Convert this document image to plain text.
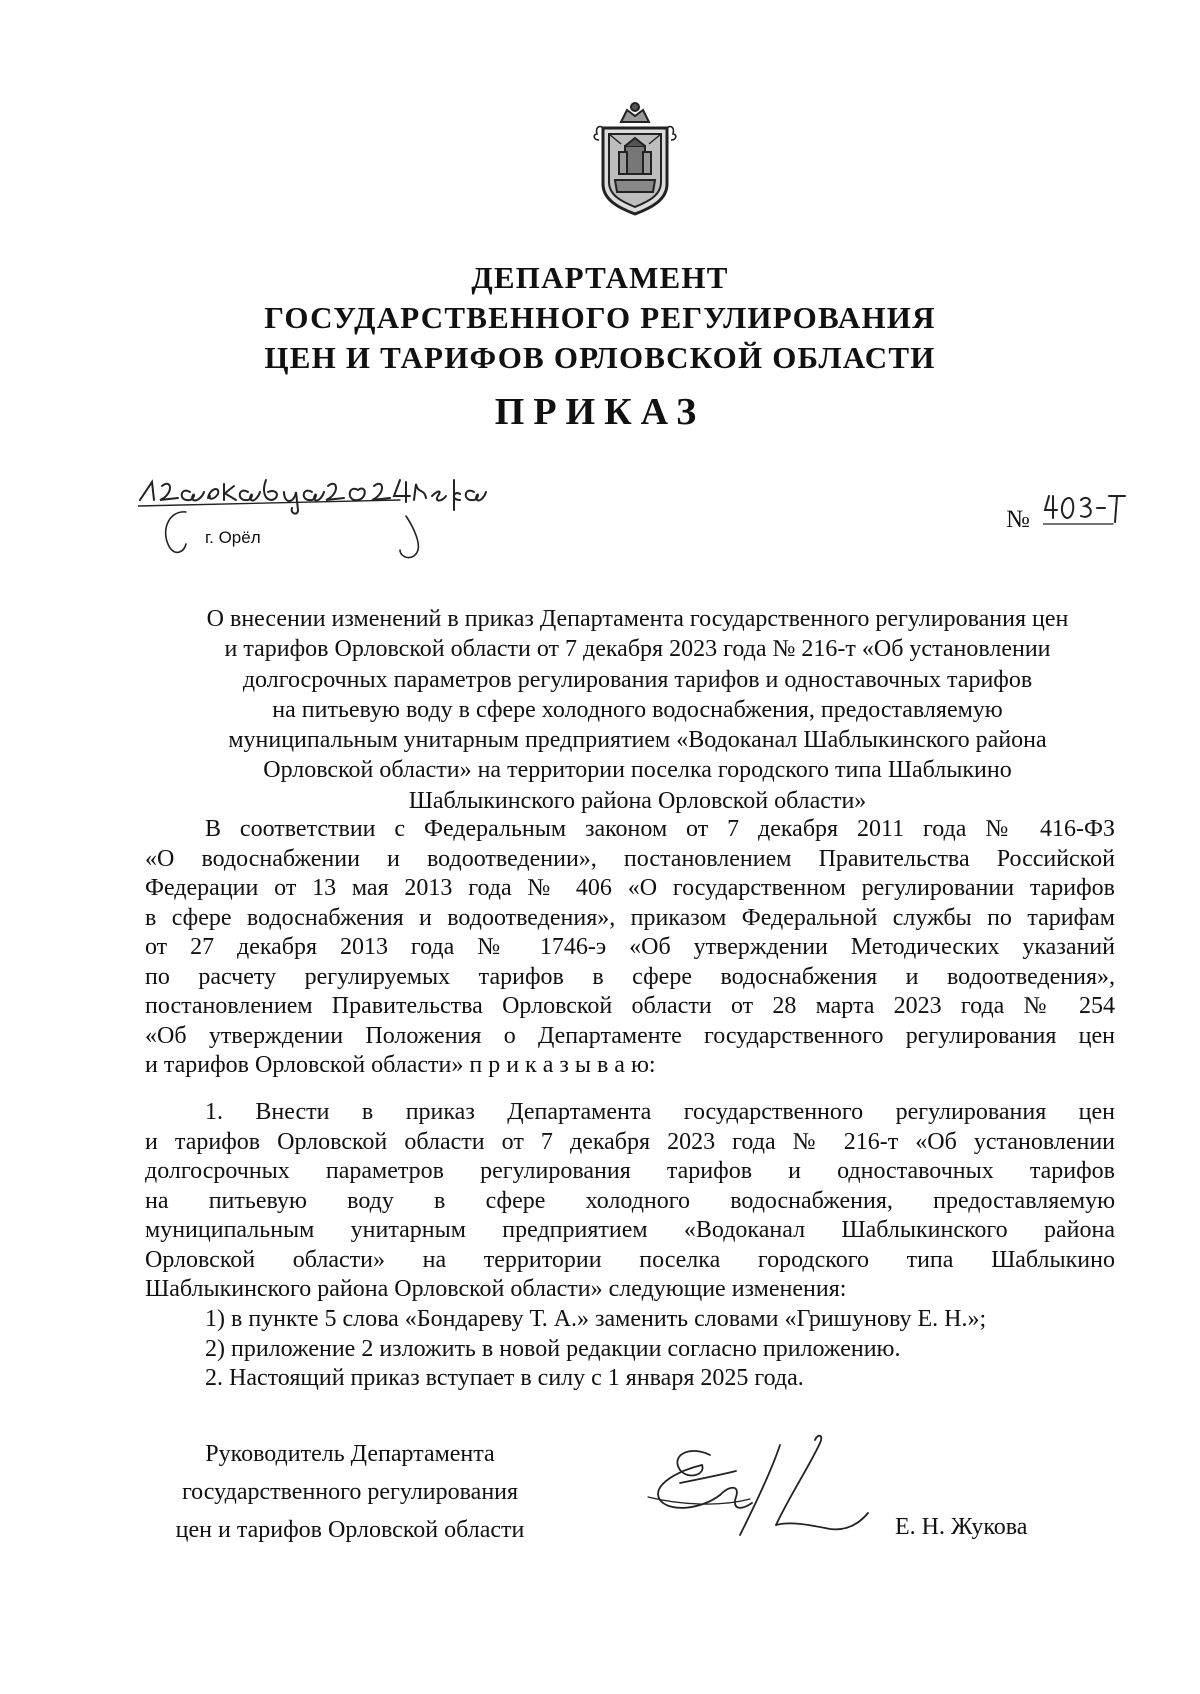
ДЕПАРТАМЕНТ
ГОСУДАРСТВЕННОГО РЕГУЛИРОВАНИЯ
ЦЕН И ТАРИФОВ ОРЛОВСКОЙ ОБЛАСТИ
ПРИКАЗ
г. Орёл
№
О внесении изменений в приказ Департамента государственного регулирования цен
и тарифов Орловской области от 7 декабря 2023 года № 216-т «Об установлении
долгосрочных параметров регулирования тарифов и одноставочных тарифов
на питьевую воду в сфере холодного водоснабжения, предоставляемую
муниципальным унитарным предприятием «Водоканал Шаблыкинского района
Орловской области» на территории поселка городского типа Шаблыкино
Шаблыкинского района Орловской области»
В соответствии с Федеральным законом от 7 декабря 2011 года № 416-ФЗ
«О водоснабжении и водоотведении», постановлением Правительства Российской
Федерации от 13 мая 2013 года № 406 «О государственном регулировании тарифов
в сфере водоснабжения и водоотведения», приказом Федеральной службы по тарифам
от 27 декабря 2013 года № 1746-э «Об утверждении Методических указаний
по расчету регулируемых тарифов в сфере водоснабжения и водоотведения»,
постановлением Правительства Орловской области от 28 марта 2023 года № 254
«Об утверждении Положения о Департаменте государственного регулирования цен
и тарифов Орловской области» п р и к а з ы в а ю:
1. Внести в приказ Департамента государственного регулирования цен
и тарифов Орловской области от 7 декабря 2023 года № 216-т «Об установлении
долгосрочных параметров регулирования тарифов и одноставочных тарифов
на питьевую воду в сфере холодного водоснабжения, предоставляемую
муниципальным унитарным предприятием «Водоканал Шаблыкинского района
Орловской области» на территории поселка городского типа Шаблыкино
Шаблыкинского района Орловской области» следующие изменения:
1) в пункте 5 слова «Бондареву Т. А.» заменить словами «Гришунову Е. Н.»;
2) приложение 2 изложить в новой редакции согласно приложению.
2. Настоящий приказ вступает в силу с 1 января 2025 года.
Руководитель Департамента
государственного регулирования
цен и тарифов Орловской области	Е. Н. Жукова
